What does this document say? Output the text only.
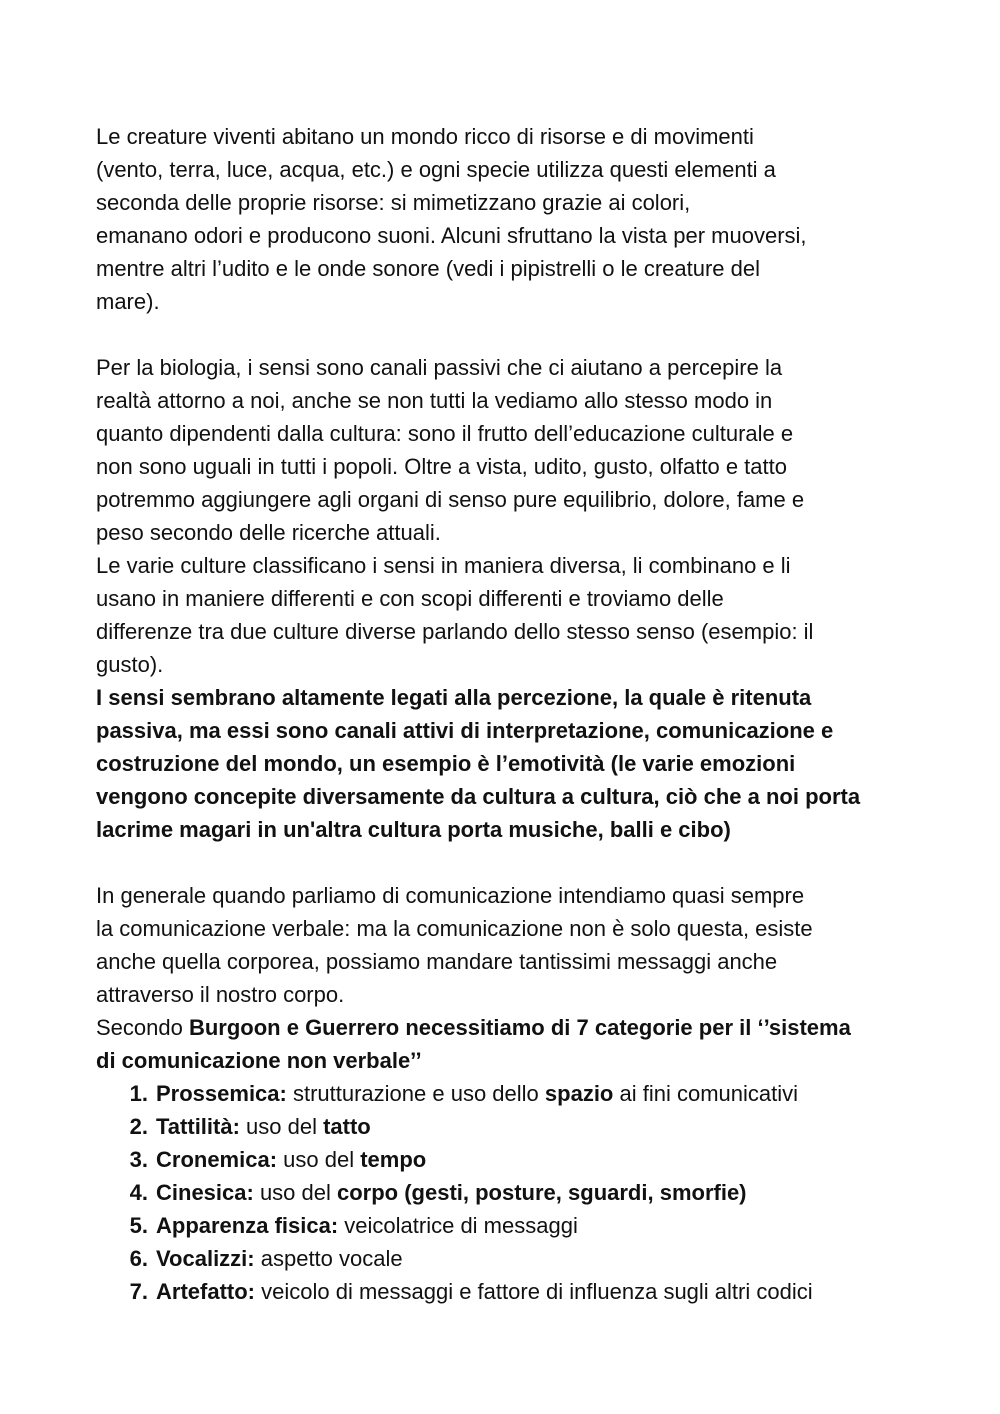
Le creature viventi abitano un mondo ricco di risorse e di movimenti
(vento, terra, luce, acqua, etc.) e ogni specie utilizza questi elementi a
seconda delle proprie risorse: si mimetizzano grazie ai colori,
emanano odori e producono suoni. Alcuni sfruttano la vista per muoversi,
mentre altri l’udito e le onde sonore (vedi i pipistrelli o le creature del
mare).
Per la biologia, i sensi sono canali passivi che ci aiutano a percepire la
realtà attorno a noi, anche se non tutti la vediamo allo stesso modo in
quanto dipendenti dalla cultura: sono il frutto dell’educazione culturale e
non sono uguali in tutti i popoli. Oltre a vista, udito, gusto, olfatto e tatto
potremmo aggiungere agli organi di senso pure equilibrio, dolore, fame e
peso secondo delle ricerche attuali.
Le varie culture classificano i sensi in maniera diversa, li combinano e li
usano in maniere differenti e con scopi differenti e troviamo delle
differenze tra due culture diverse parlando dello stesso senso (esempio: il
gusto).
I sensi sembrano altamente legati alla percezione, la quale è ritenuta
passiva, ma essi sono canali attivi di interpretazione, comunicazione e
costruzione del mondo, un esempio è l’emotività (le varie emozioni
vengono concepite diversamente da cultura a cultura, ciò che a noi porta
lacrime magari in un'altra cultura porta musiche, balli e cibo)
In generale quando parliamo di comunicazione intendiamo quasi sempre
la comunicazione verbale: ma la comunicazione non è solo questa, esiste
anche quella corporea, possiamo mandare tantissimi messaggi anche
attraverso il nostro corpo.
Secondo Burgoon e Guerrero necessitiamo di 7 categorie per il ‘’sistema
di comunicazione non verbale’’
1. Prossemica: strutturazione e uso dello spazio ai fini comunicativi
2. Tattilità: uso del tatto
3. Cronemica: uso del tempo
4. Cinesica: uso del corpo (gesti, posture, sguardi, smorfie)
5. Apparenza fisica: veicolatrice di messaggi
6. Vocalizzi: aspetto vocale
7. Artefatto: veicolo di messaggi e fattore di influenza sugli altri codici
